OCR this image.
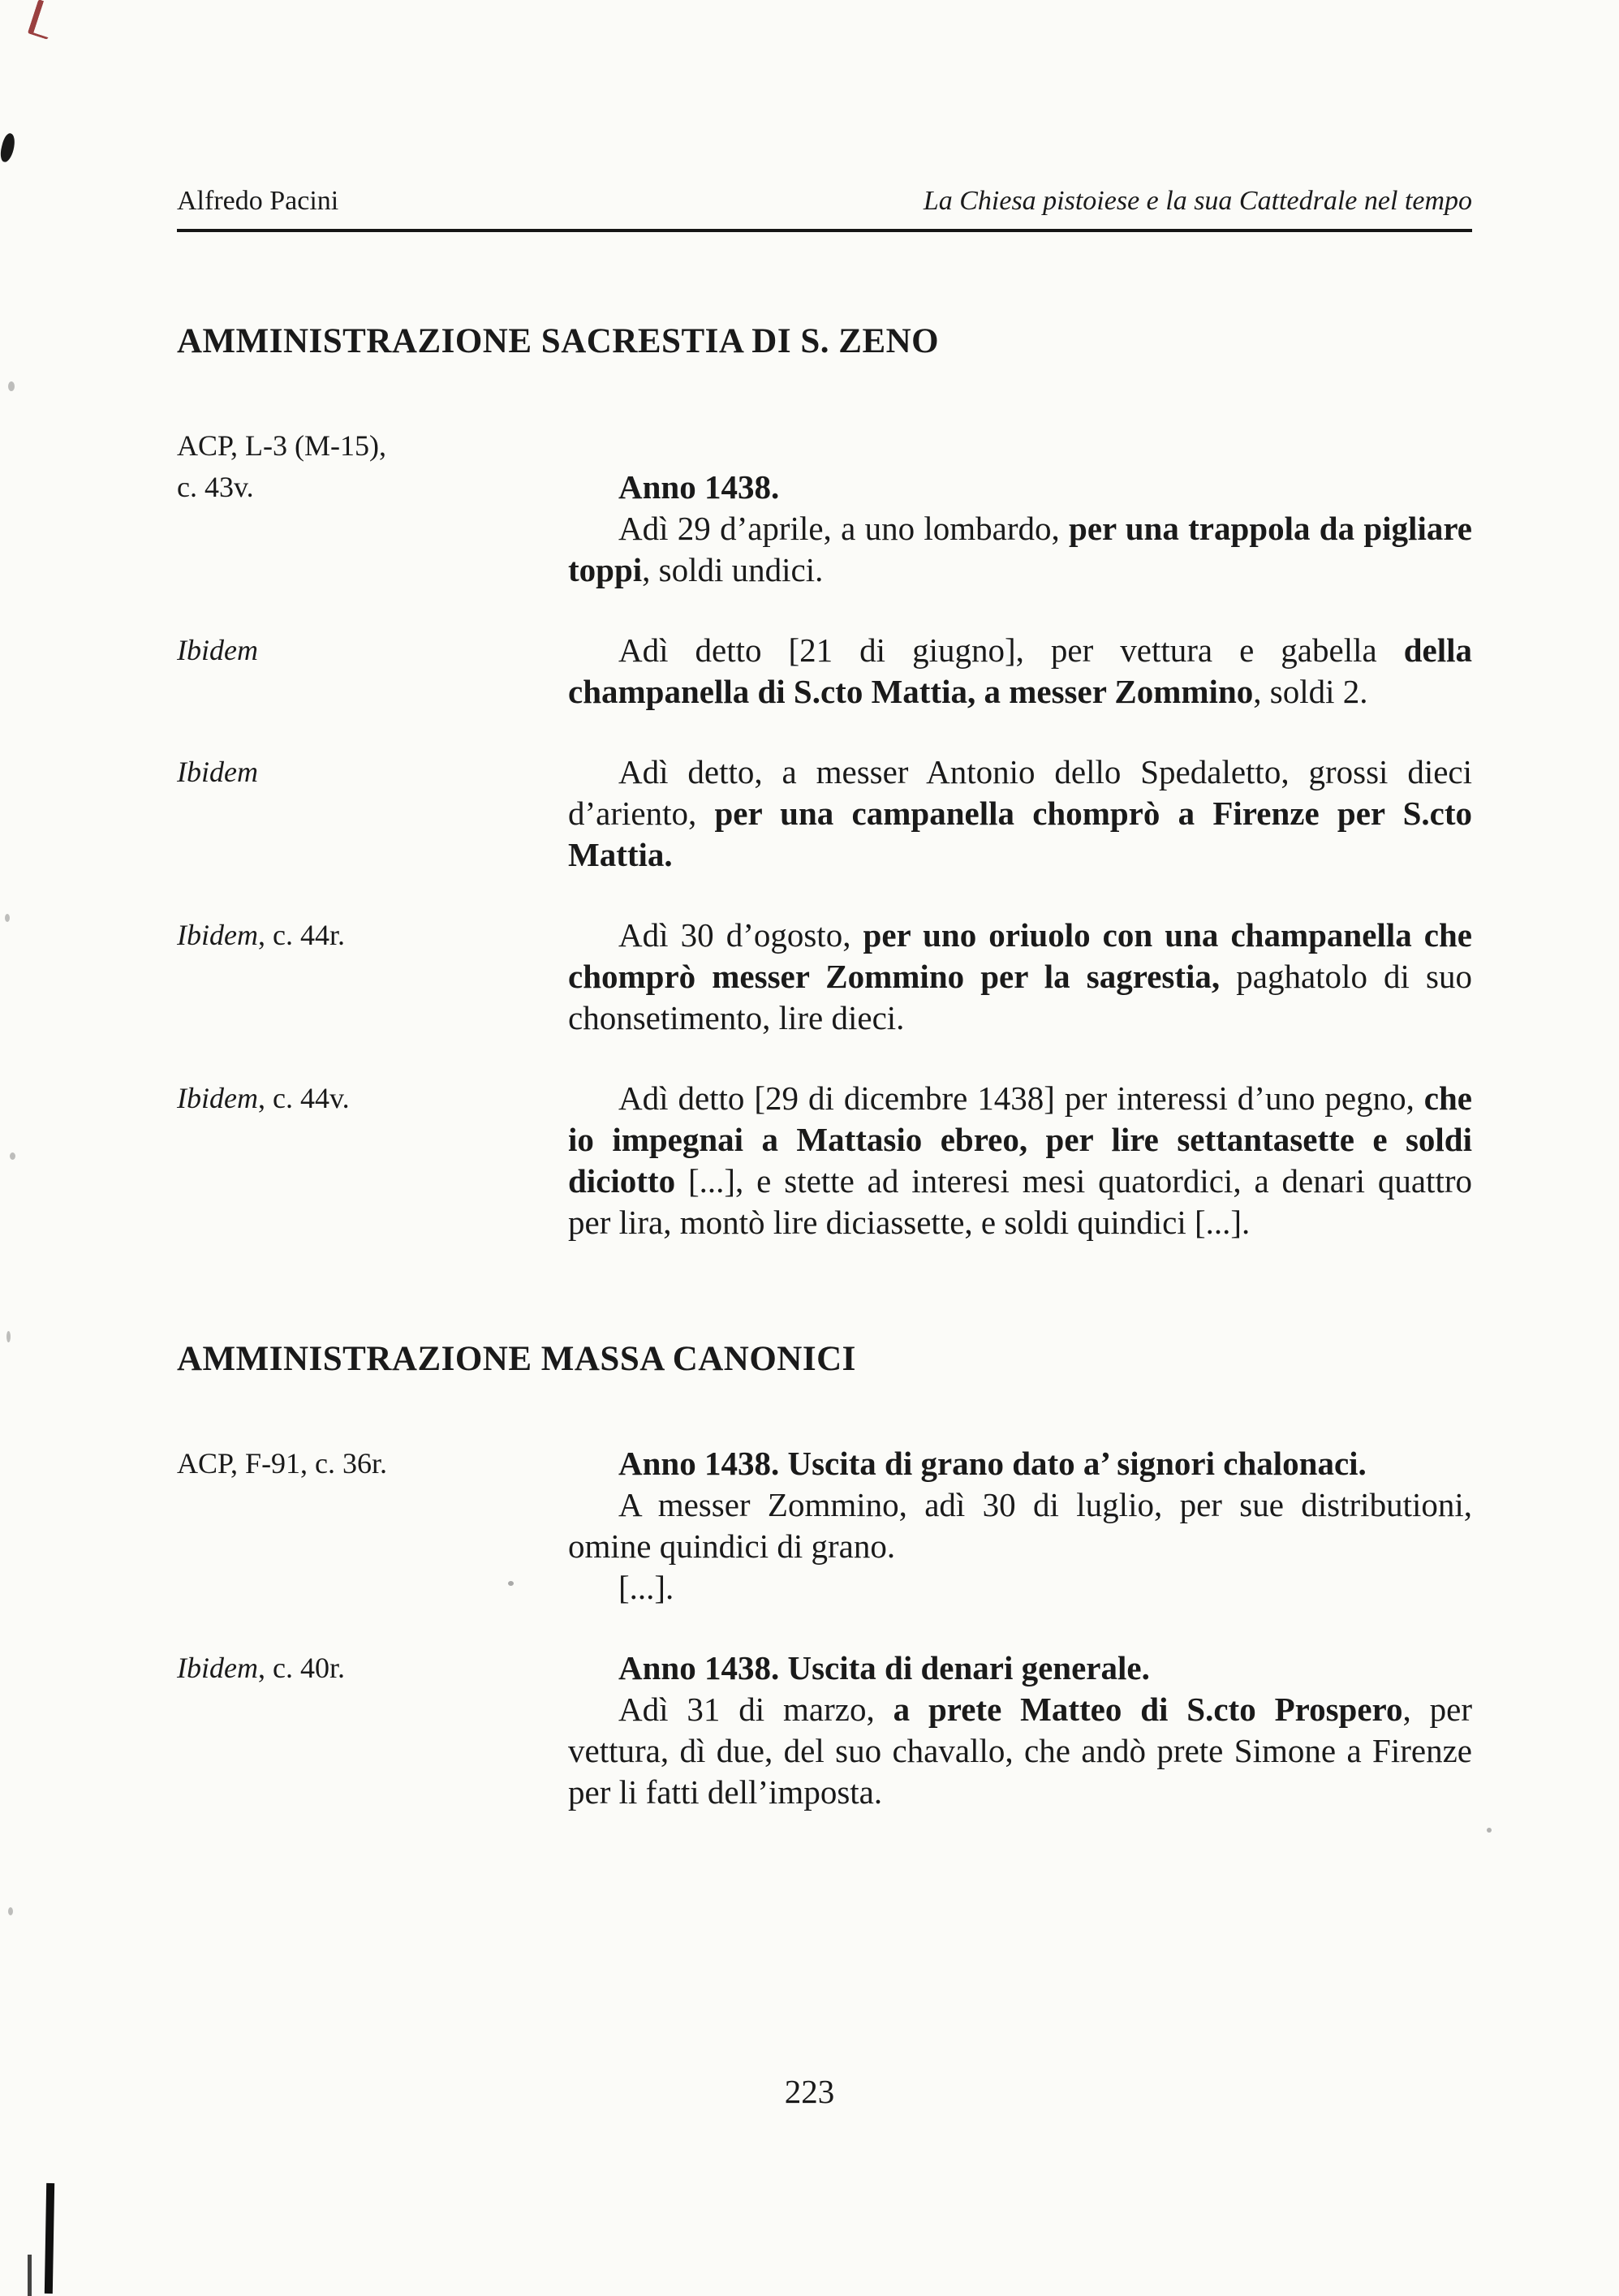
Alfredo Pacini	La Chiesa pistoiese e la sua Cattedrale nel tempo
AMMINISTRAZIONE SACRESTIA DI S. ZENO
ACP, L-3 (M-15),
c. 43v.	Anno 1438.

Adì 29 d’aprile, a uno lombardo, per una trappola da pigliare toppi, soldi undici.

Ibidem	Adì detto [21 di giugno], per vettura e gabella della champanella di S.cto Mattia, a messer Zommino, soldi 2.

Ibidem	Adì detto, a messer Antonio dello Spedaletto, grossi dieci d’ariento, per una campanella chomprò a Firenze per S.cto Mattia.

Ibidem, c. 44r.	Adì 30 d’ogosto, per uno oriuolo con una champanella che chomprò messer Zommino per la sagrestia, paghatolo di suo chonsetimento, lire dieci.

Ibidem, c. 44v.	Adì detto [29 di dicembre 1438] per interessi d’uno pegno, che io impegnai a Mattasio ebreo, per lire settantasette e soldi diciotto [...], e stette ad interesi mesi quatordici, a denari quattro per lira, montò lire diciassette, e soldi quindici [...].

AMMINISTRAZIONE MASSA CANONICI
ACP, F-91, c. 36r.	Anno 1438. Uscita di grano dato a’ signori chalonaci.

A messer Zommino, adì 30 di luglio, per sue distributioni, omine quindici di grano.

[...].

Ibidem, c. 40r.	Anno 1438. Uscita di denari generale.

Adì 31 di marzo, a prete Matteo di S.cto Prospero, per vettura, dì due, del suo chavallo, che andò prete Simone a Firenze per li fatti dell’imposta.

223
